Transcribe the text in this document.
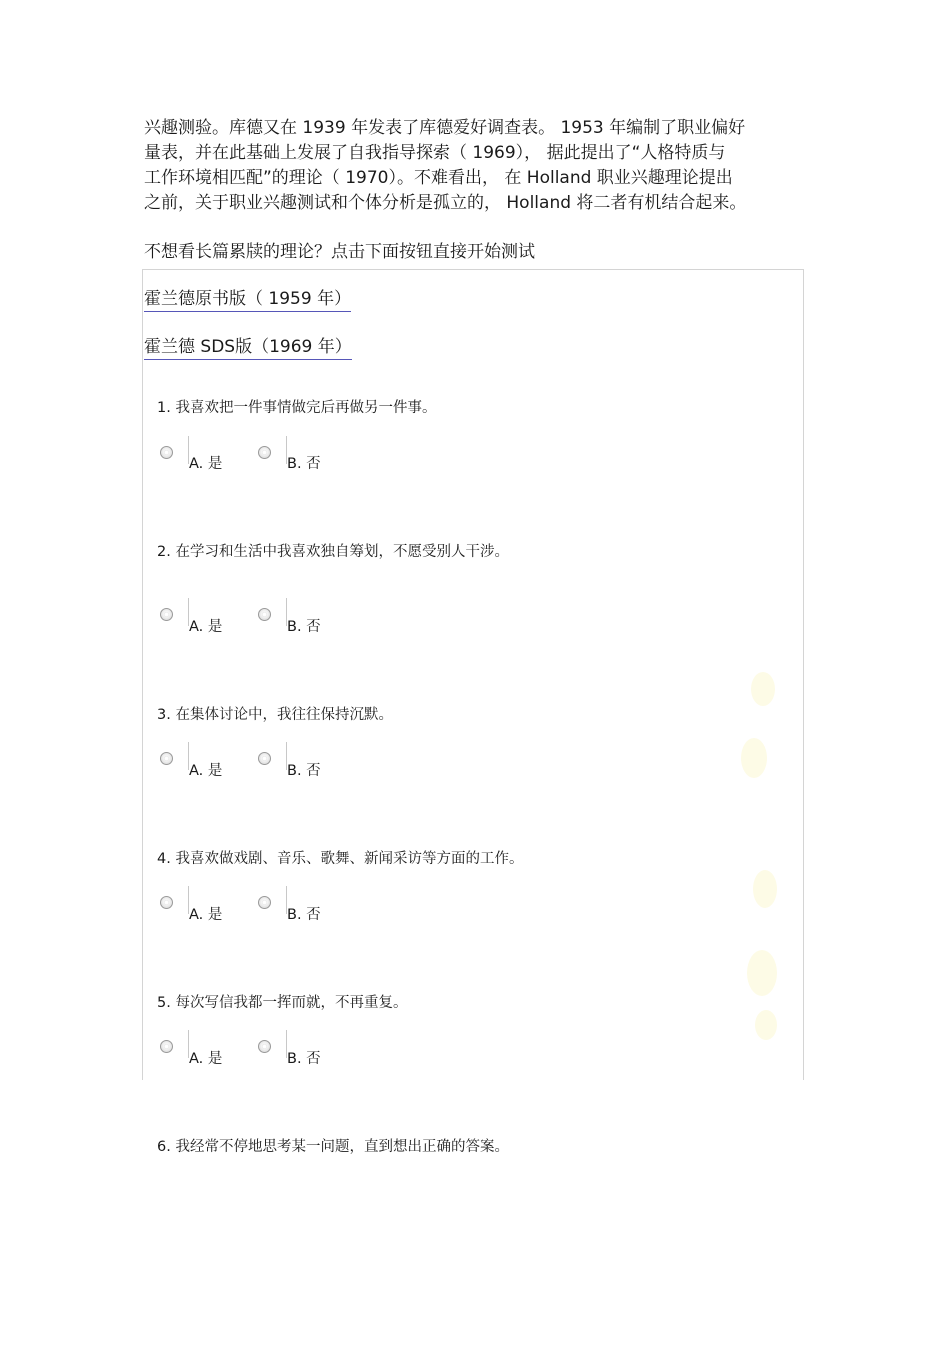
兴趣测验。库德又在 1939 年发表了库德爱好调查表。 1953 年编制了职业偏好

量表，并在此基础上发展了自我指导探索（ 1969）， 据此提出了“人格特质与

工作环境相匹配”的理论（ 1970）。不难看出， 在 Holland 职业兴趣理论提出

之前，关于职业兴趣测试和个体分析是孤立的， Holland 将二者有机结合起来。

不想看长篇累牍的理论？点击下面按钮直接开始测试

霍兰德原书版（ 1959 年）
霍兰德 SDS版（1969 年）
1. 我喜欢把一件事情做完后再做另一件事。
A. 是	B. 否
2. 在学习和生活中我喜欢独自筹划，不愿受别人干涉。
A. 是	B. 否
3. 在集体讨论中，我往往保持沉默。
A. 是	B. 否
4. 我喜欢做戏剧、音乐、歌舞、新闻采访等方面的工作。
A. 是	B. 否
5. 每次写信我都一挥而就，不再重复。
A. 是	B. 否
6. 我经常不停地思考某一问题，直到想出正确的答案。
